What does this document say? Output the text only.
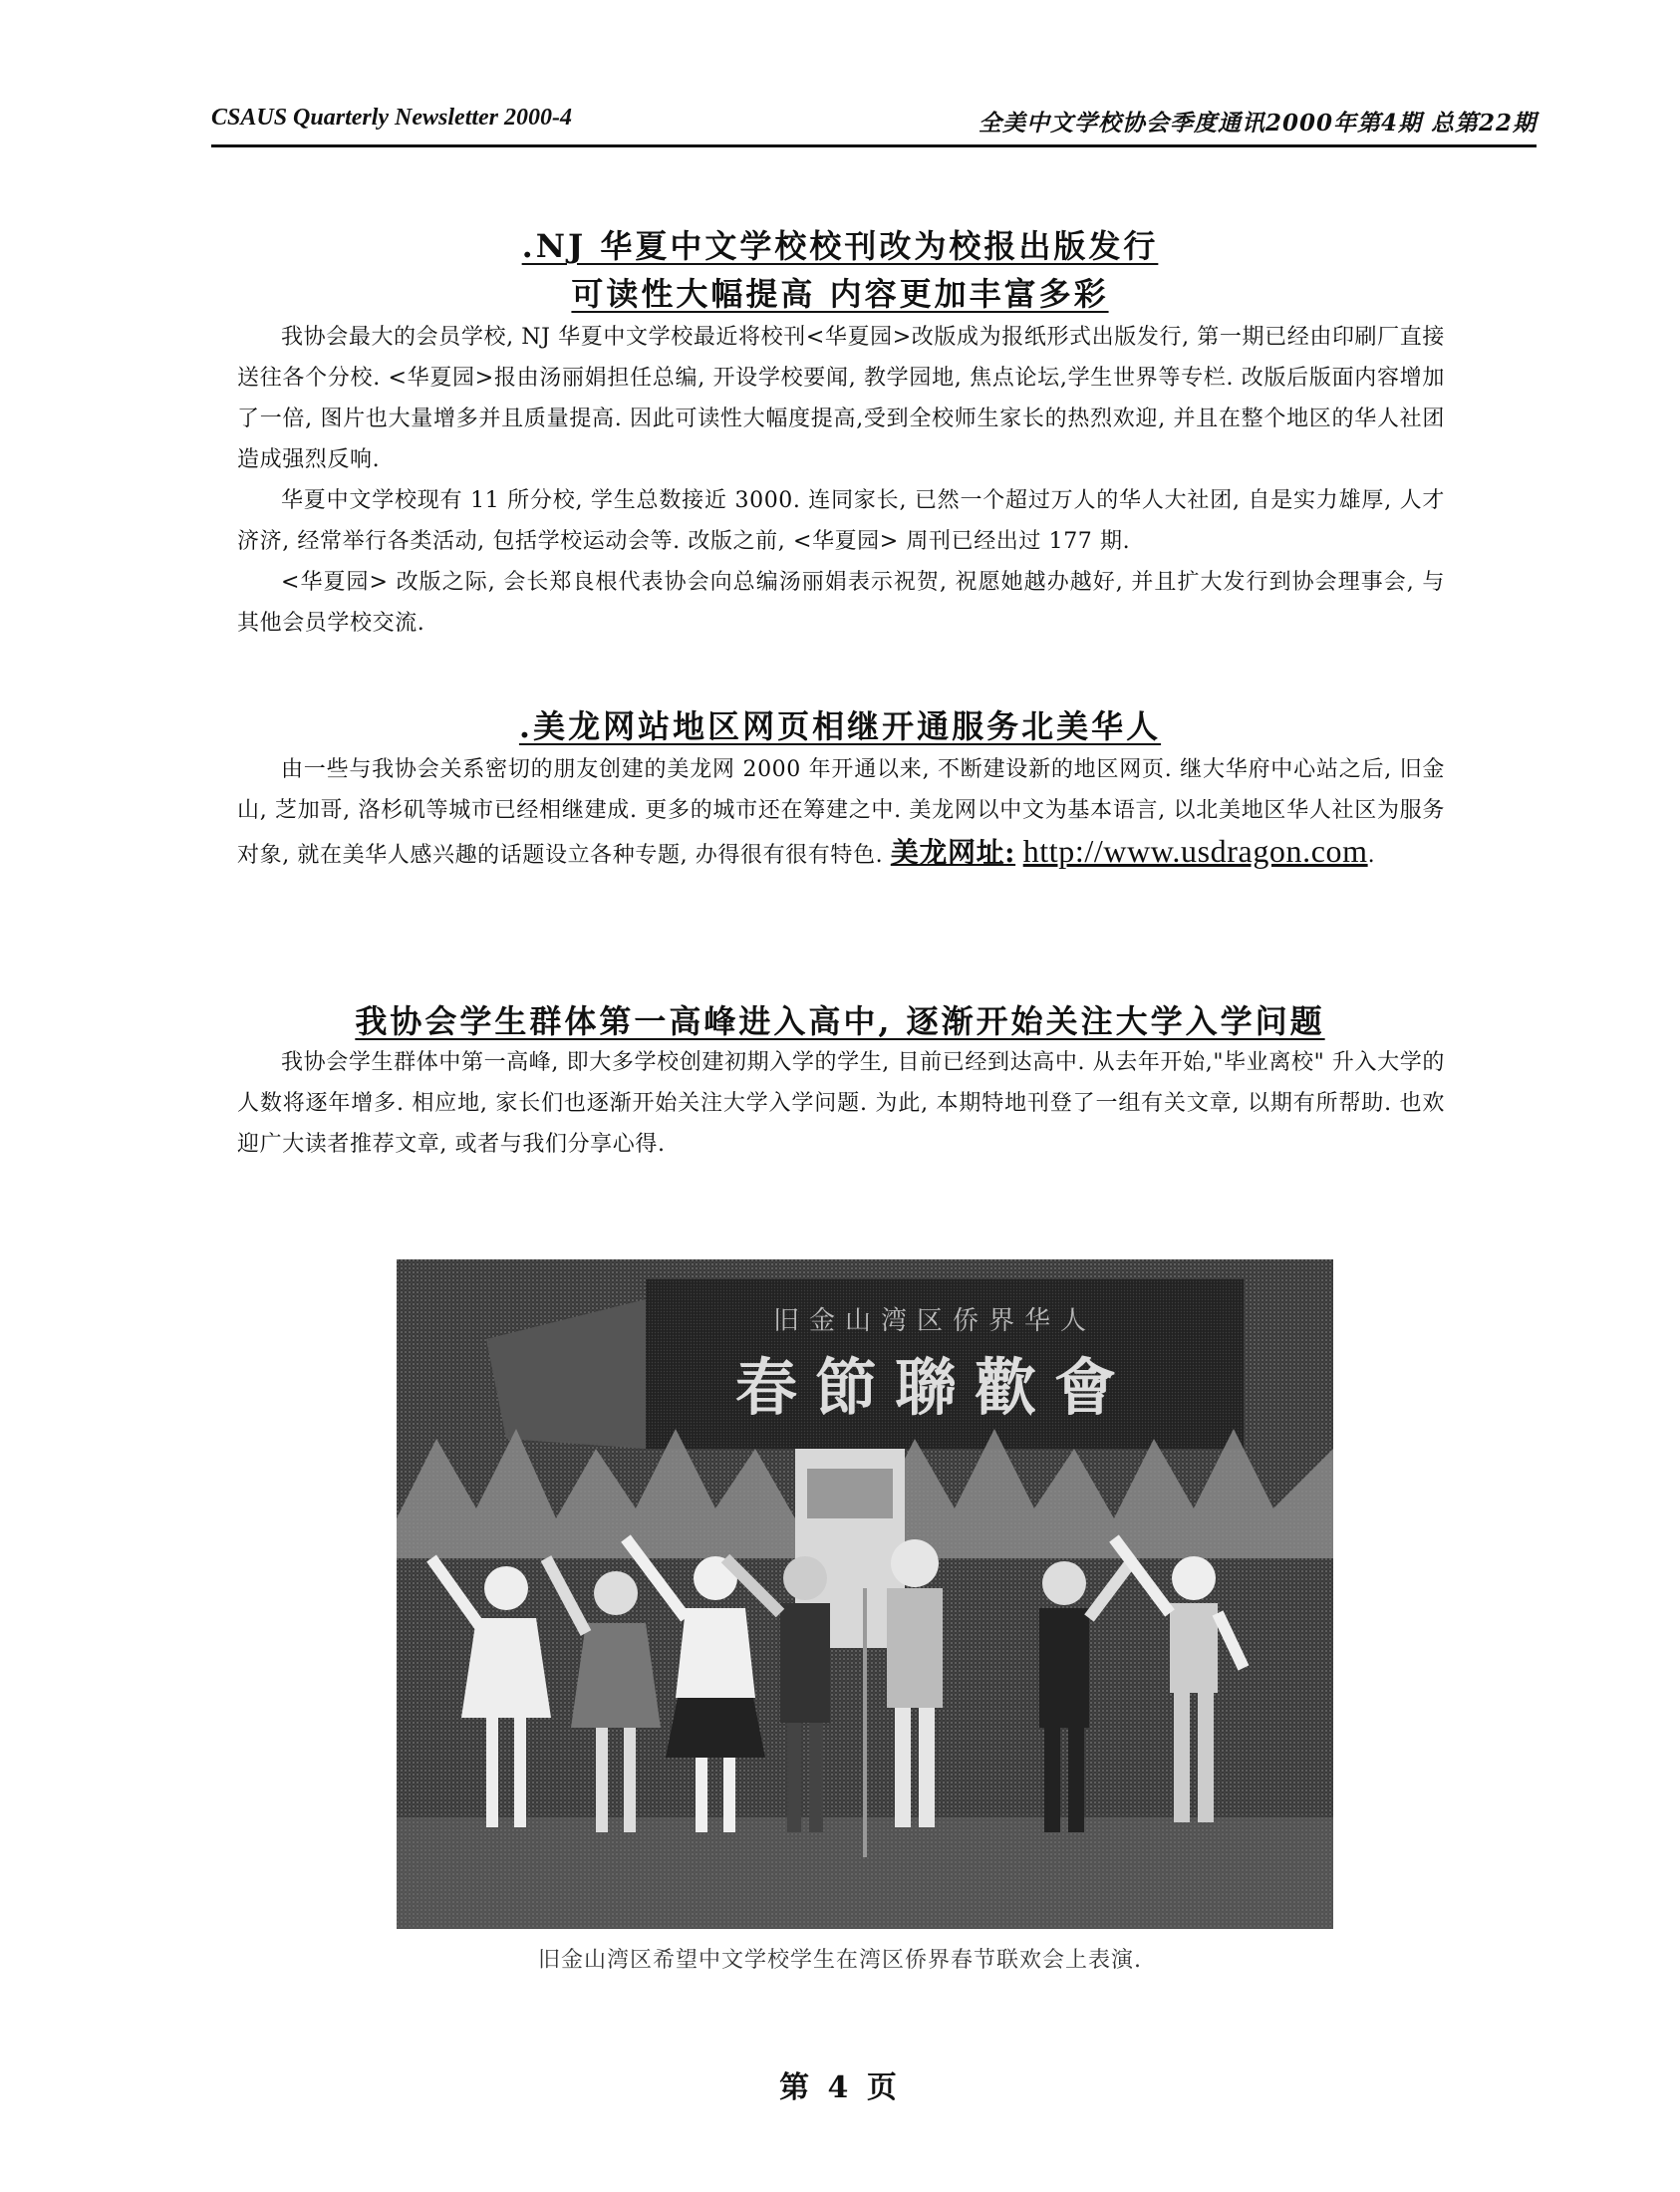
CSAUS Quarterly Newsletter 2000-4	全美中文学校协会季度通讯2000年第4期 总第22期
.NJ 华夏中文学校校刊改为校报出版发行
可读性大幅提高 内容更加丰富多彩

我协会最大的会员学校, NJ 华夏中文学校最近将校刊<华夏园>改版成为报纸形式出版发行, 第一期已经由印刷厂直接送往各个分校. <华夏园>报由汤丽娟担任总编, 开设学校要闻, 教学园地, 焦点论坛,学生世界等专栏. 改版后版面内容增加了一倍, 图片也大量增多并且质量提高. 因此可读性大幅度提高,受到全校师生家长的热烈欢迎, 并且在整个地区的华人社团造成强烈反响.

华夏中文学校现有 11 所分校, 学生总数接近 3000. 连同家长, 已然一个超过万人的华人大社团, 自是实力雄厚, 人才济济, 经常举行各类活动, 包括学校运动会等. 改版之前, <华夏园> 周刊已经出过 177 期.

<华夏园> 改版之际, 会长郑良根代表协会向总编汤丽娟表示祝贺, 祝愿她越办越好, 并且扩大发行到协会理事会, 与其他会员学校交流.

.美龙网站地区网页相继开通服务北美华人

由一些与我协会关系密切的朋友创建的美龙网 2000 年开通以来, 不断建设新的地区网页. 继大华府中心站之后, 旧金山, 芝加哥, 洛杉矶等城市已经相继建成. 更多的城市还在筹建之中. 美龙网以中文为基本语言, 以北美地区华人社区为服务对象, 就在美华人感兴趣的话题设立各种专题, 办得很有很有特色. 美龙网址: http://www.usdragon.com.

我协会学生群体第一高峰进入高中, 逐渐开始关注大学入学问题

我协会学生群体中第一高峰, 即大多学校创建初期入学的学生, 目前已经到达高中. 从去年开始,"毕业离校" 升入大学的人数将逐年增多. 相应地, 家长们也逐渐开始关注大学入学问题. 为此, 本期特地刊登了一组有关文章, 以期有所帮助. 也欢迎广大读者推荐文章, 或者与我们分享心得.

旧金山湾区侨界华人
春節聯歡會
旧金山湾区希望中文学校学生在湾区侨界春节联欢会上表演.
第 4 页
